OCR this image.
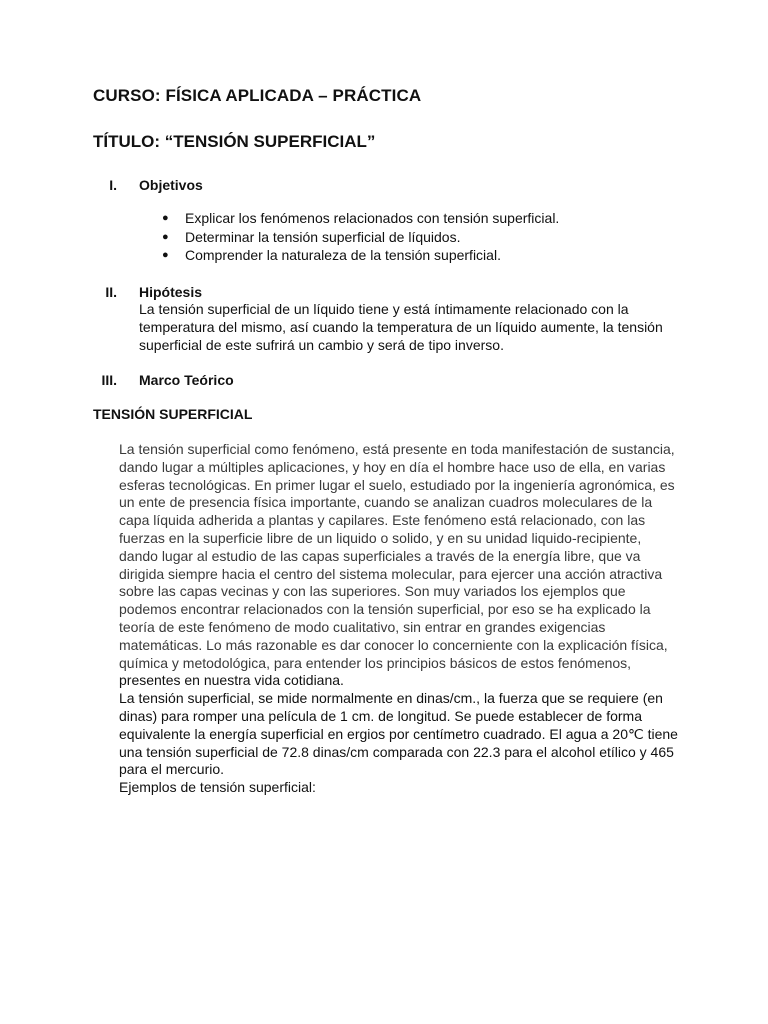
CURSO: FÍSICA APLICADA – PRÁCTICA
TÍTULO: “TENSIÓN SUPERFICIAL”
I. Objetivos
● Explicar los fenómenos relacionados con tensión superficial.
● Determinar la tensión superficial de líquidos.
● Comprender la naturaleza de la tensión superficial.
II. Hipótesis
La tensión superficial de un líquido tiene y está íntimamente relacionado con la
temperatura del mismo, así cuando la temperatura de un líquido aumente, la tensión
superficial de este sufrirá un cambio y será de tipo inverso.
III. Marco Teórico
TENSIÓN SUPERFICIAL
La tensión superficial como fenómeno, está presente en toda manifestación de sustancia,
dando lugar a múltiples aplicaciones, y hoy en día el hombre hace uso de ella, en varias
esferas tecnológicas. En primer lugar el suelo, estudiado por la ingeniería agronómica, es
un ente de presencia física importante, cuando se analizan cuadros moleculares de la
capa líquida adherida a plantas y capilares. Este fenómeno está relacionado, con las
fuerzas en la superficie libre de un liquido o solido, y en su unidad liquido-recipiente,
dando lugar al estudio de las capas superficiales a través de la energía libre, que va
dirigida siempre hacia el centro del sistema molecular, para ejercer una acción atractiva
sobre las capas vecinas y con las superiores. Son muy variados los ejemplos que
podemos encontrar relacionados con la tensión superficial, por eso se ha explicado la
teoría de este fenómeno de modo cualitativo, sin entrar en grandes exigencias
matemáticas. Lo más razonable es dar conocer lo concerniente con la explicación física,
química y metodológica, para entender los principios básicos de estos fenómenos,
presentes en nuestra vida cotidiana.
La tensión superficial, se mide normalmente en dinas/cm., la fuerza que se requiere (en
dinas) para romper una película de 1 cm. de longitud. Se puede establecer de forma
equivalente la energía superficial en ergios por centímetro cuadrado. El agua a 20℃ tiene
una tensión superficial de 72.8 dinas/cm comparada con 22.3 para el alcohol etílico y 465
para el mercurio.
Ejemplos de tensión superficial:
